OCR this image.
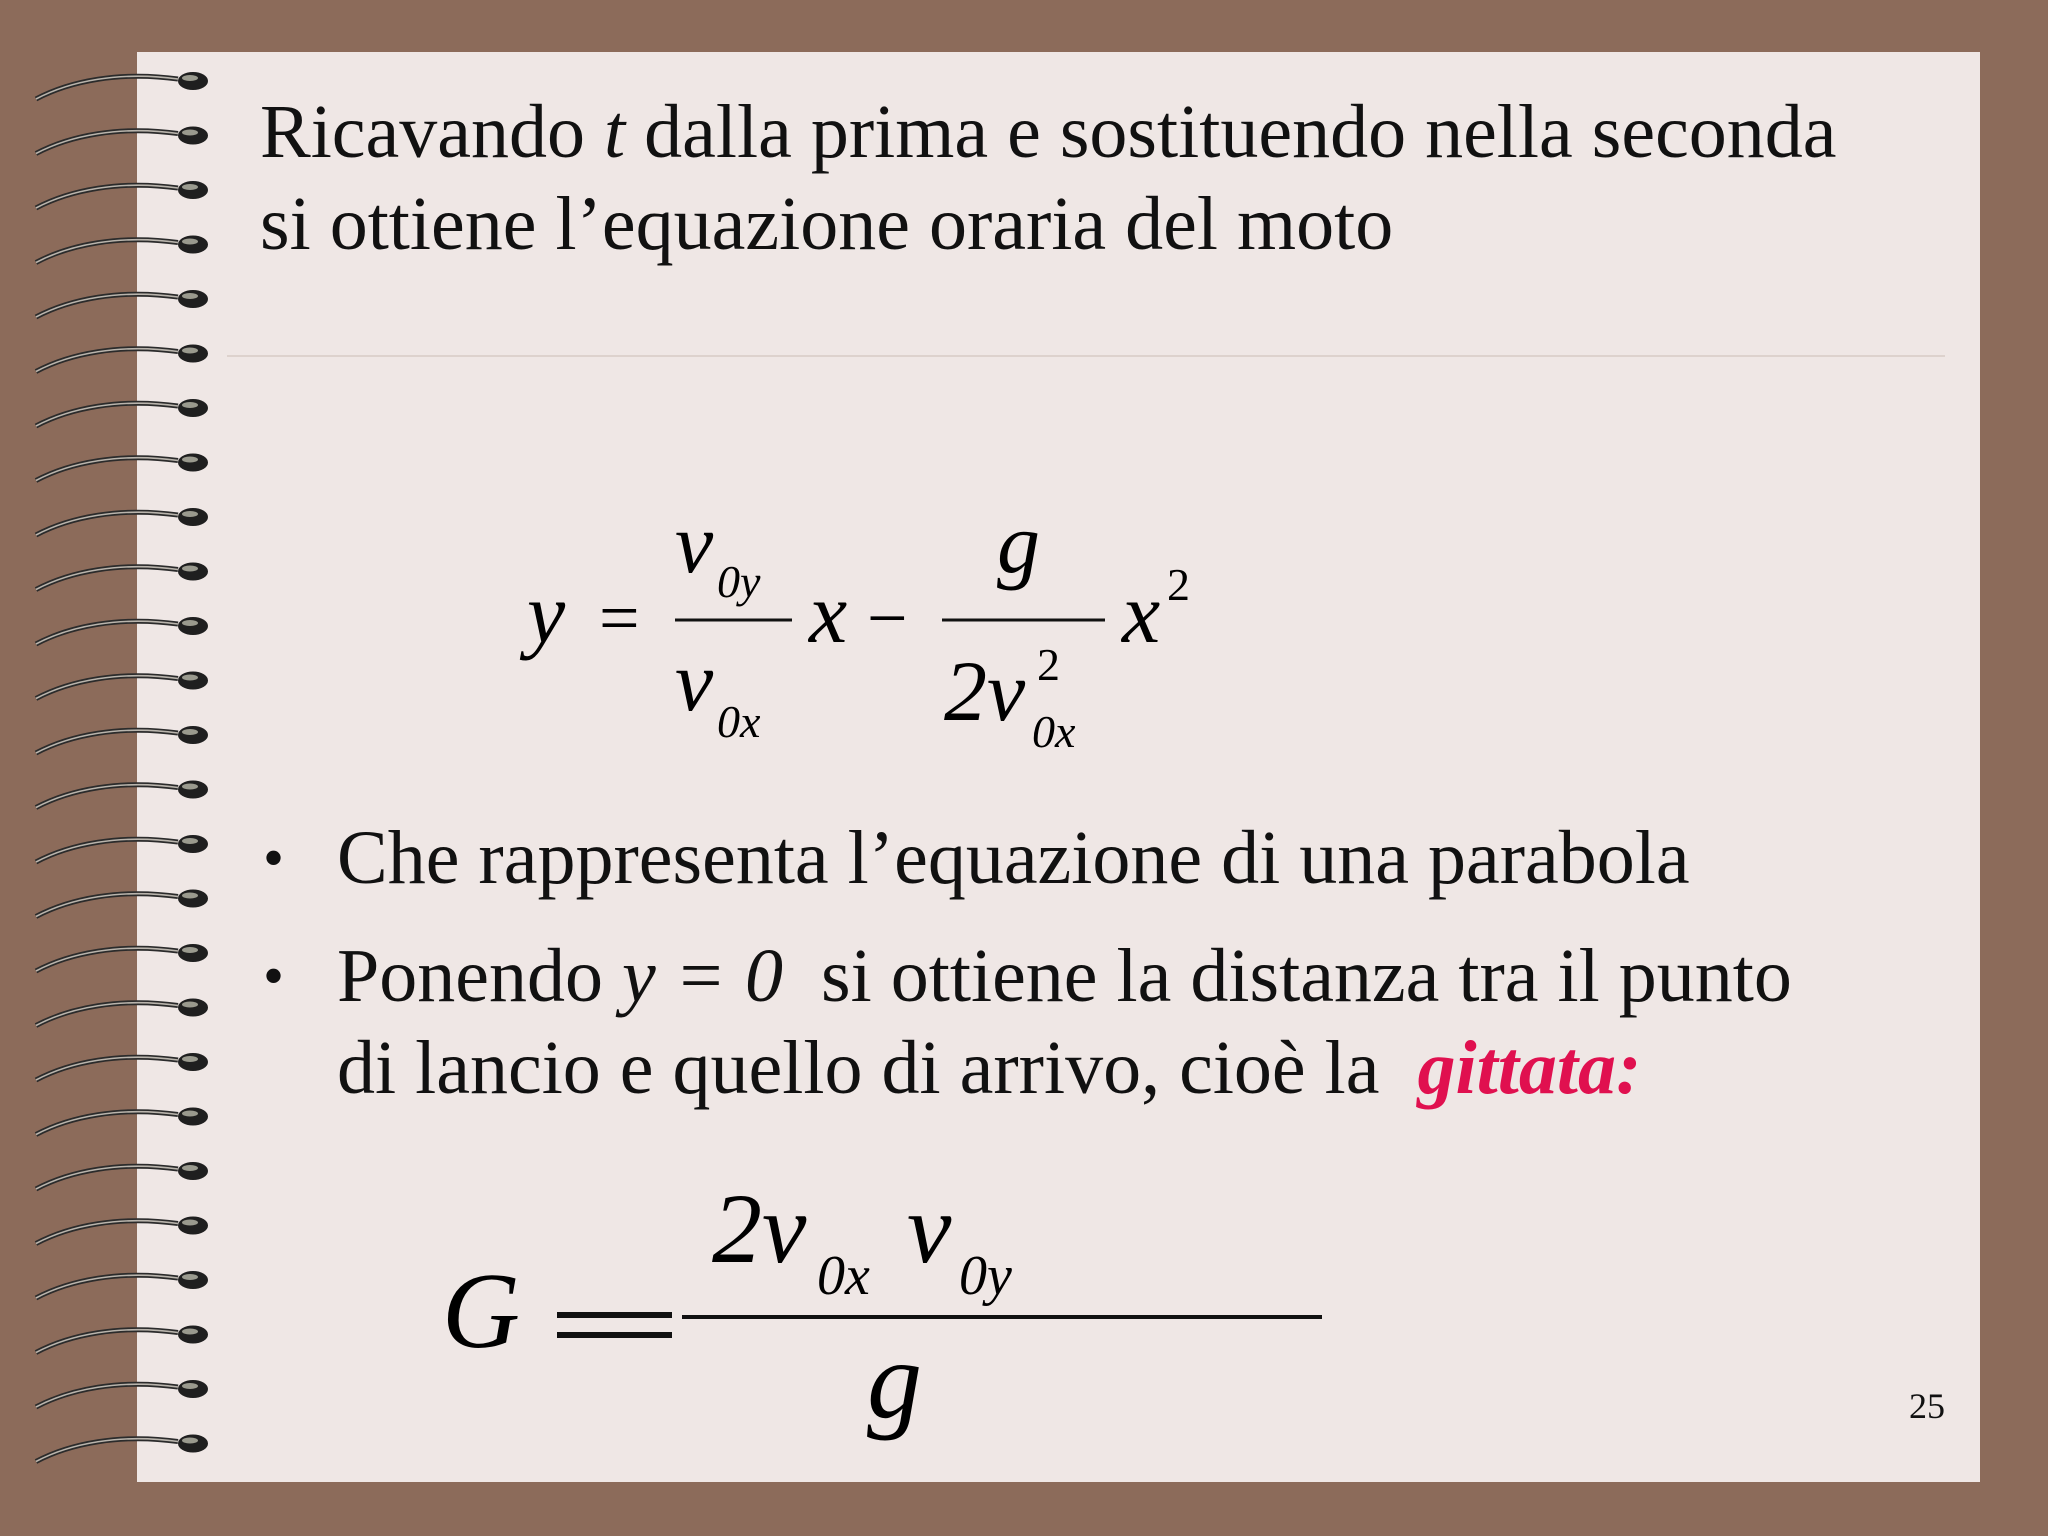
Ricavando t dalla prima e sostituendo nella seconda
si ottiene l’equazione oraria del moto
y =
v 0y
v 0x
x −
g
2v 2
0x
x 2
• Che rappresenta l’equazione di una parabola
• Ponendo y = 0  si ottiene la distanza tra il punto
di lancio e quello di arrivo, cioè la  gittata:
G
2v 0x v 0y
g	25
